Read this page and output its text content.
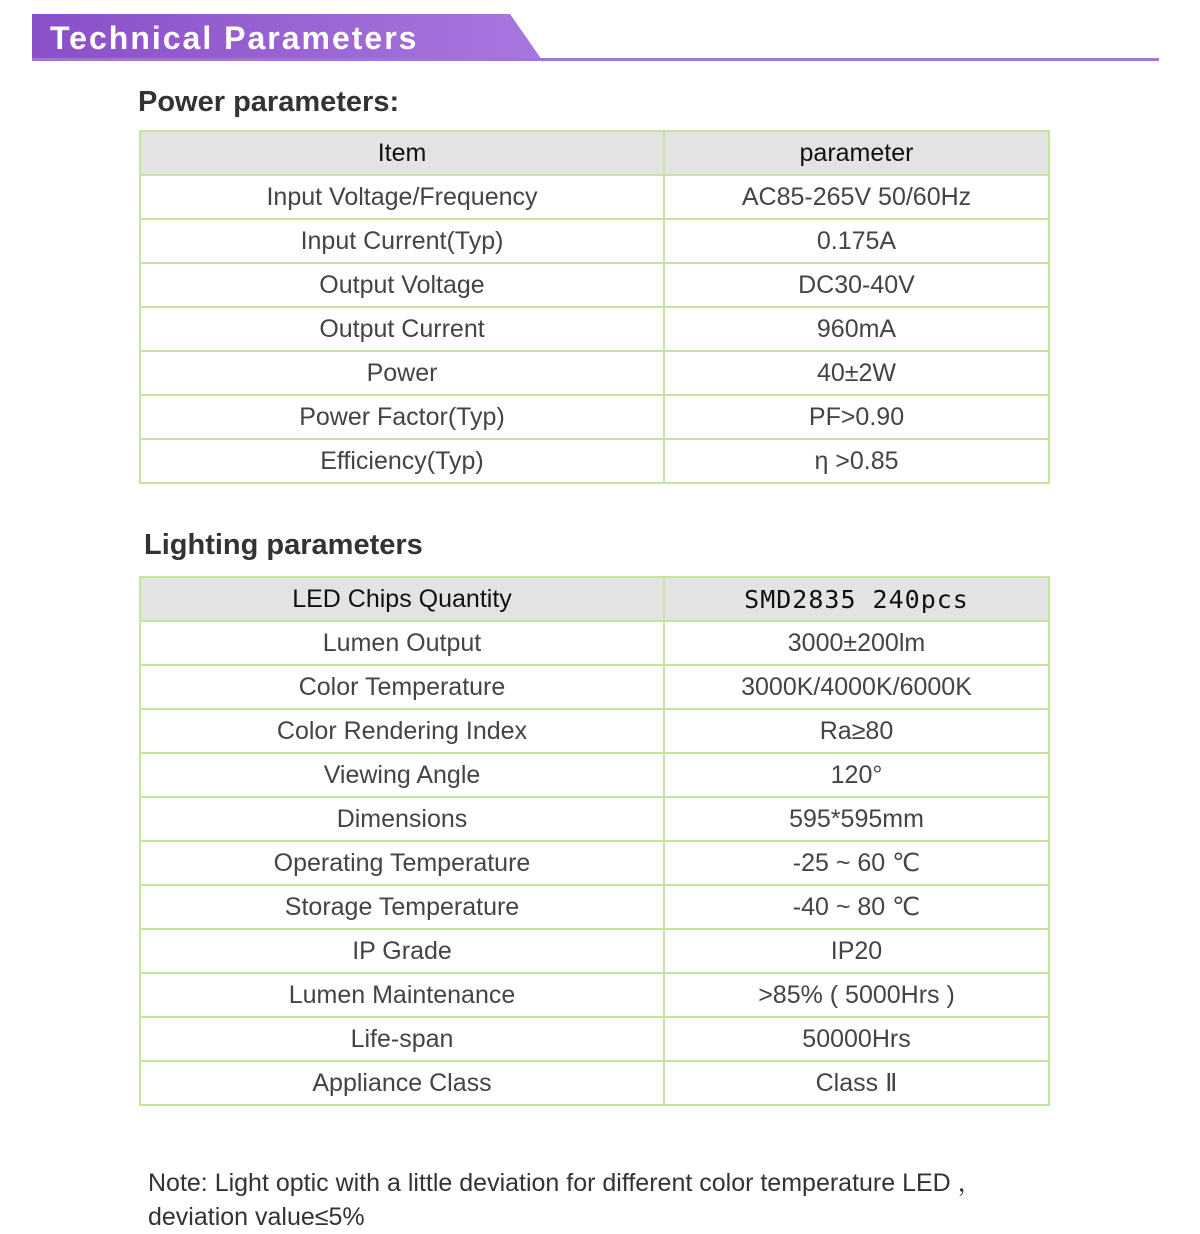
Technical Parameters
Power parameters:
Item	parameter
Input Voltage/Frequency	AC85-265V 50/60Hz
Input Current(Typ)	0.175A
Output Voltage	DC30-40V
Output Current	960mA
Power	40±2W
Power Factor(Typ)	PF>0.90
Efficiency(Typ)	η >0.85
Lighting parameters
LED Chips Quantity	SMD2835 240pcs
Lumen Output	3000±200lm
Color Temperature	3000K/4000K/6000K
Color Rendering Index	Ra≥80
Viewing Angle	120°
Dimensions	595*595mm
Operating Temperature	-25 ~ 60 ℃
Storage Temperature	-40 ~ 80 ℃
IP Grade	IP20
Lumen Maintenance	>85% ( 5000Hrs )
Life-span	50000Hrs
Appliance Class	Class Ⅱ
Note: Light optic with a little deviation for different color temperature LED ，
deviation value≤5%
